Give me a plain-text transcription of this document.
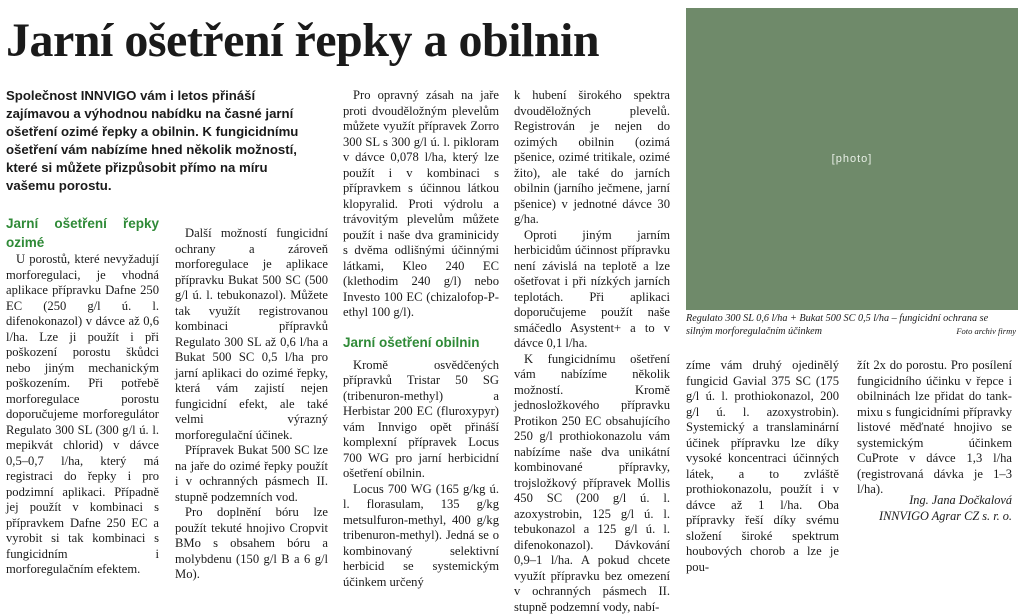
Jarní ošetření řepky a obilnin

Společnost INNVIGO vám i letos přináší zajímavou a výhodnou nabídku na časné jarní ošetření ozimé řepky a obilnin. K fungicidnímu ošetření vám nabízíme hned několik možností, které si můžete přizpůsobit přímo na míru vašemu porostu.

Jarní ošetření řepky ozimé

U porostů, které nevyžadují morforegulaci, je vhodná aplikace přípravku Dafne 250 EC (250 g/l ú. l. difenokonazol) v dávce až 0,6 l/ha. Lze ji použít i při poškození porostu škůdci nebo jiným mechanickým poškozením. Při potřebě morforegulace porostu doporučujeme morforegulátor Regulato 300 SL (300 g/l ú. l. mepikvát chlorid) v dávce 0,5–0,7 l/ha, který má registraci do řepky i pro podzimní aplikaci. Případně jej použít v kombinaci s přípravkem Dafne 250 EC a vyrobit si tak kombinaci s fungicidním i morforegulačním efektem.

Další možností fungicidní ochrany a zároveň morforegulace je aplikace přípravku Bukat 500 SC (500 g/l ú. l. tebukonazol). Můžete tak využít registrovanou kombinaci přípravků Regulato 300 SL až 0,6 l/ha a Bukat 500 SC 0,5 l/ha pro jarní aplikaci do ozimé řepky, která vám zajistí nejen fungicidní efekt, ale také velmi výrazný morforegulační účinek.

Přípravek Bukat 500 SC lze na jaře do ozimé řepky použít i v ochranných pásmech II. stupně podzemních vod.

Pro doplnění bóru lze použít tekuté hnojivo Cropvit BMo s obsahem bóru a molybdenu (150 g/l B a 6 g/l Mo).

Pro opravný zásah na jaře proti dvouděložným plevelům můžete využít přípravek Zorro 300 SL s 300 g/l ú. l. pikloram v dávce 0,078 l/ha, který lze použít i v kombinaci s přípravkem s účinnou látkou klopyralid. Proti výdrolu a trávovitým plevelům můžete použít i naše dva graminicidy s dvěma odlišnými účinnými látkami, Kleo 240 EC (klethodim 240 g/l) nebo Investo 100 EC (chizalofop-P-ethyl 100 g/l).

Jarní ošetření obilnin

Kromě osvědčených přípravků Tristar 50 SG (tribenuron-methyl) a Herbistar 200 EC (fluroxypyr) vám Innvigo opět přináší komplexní přípravek Locus 700 WG pro jarní herbicidní ošetření obilnin.

Locus 700 WG (165 g/kg ú. l. florasulam, 135 g/kg metsulfuron-methyl, 400 g/kg tribenuron-methyl). Jedná se o kombinovaný selektivní herbicid se systemickým účinkem určený

k hubení širokého spektra dvouděložných plevelů. Registrován je nejen do ozimých obilnin (ozimá pšenice, ozimé tritikale, ozimé žito), ale také do jarních obilnin (jarního ječmene, jarní pšenice) v jednotné dávce 30 g/ha.

Oproti jiným jarním herbicidům účinnost přípravku není závislá na teplotě a lze ošetřovat i při nízkých jarních teplotách. Při aplikaci doporučujeme použít naše smáčedlo Asystent+ a to v dávce 0,1 l/ha.

K fungicidnímu ošetření vám nabízíme několik možností. Kromě jednosložkového přípravku Protikon 250 EC obsahujícího 250 g/l prothiokonazolu vám nabízíme naše dva unikátní kombinované přípravky, trojsložkový přípravek Mollis 450 SC (200 g/l ú. l. azoxystrobin, 125 g/l ú. l. tebukonazol a 125 g/l ú. l. difenokonazol). Dávkování 0,9–1 l/ha. A pokud chcete využít přípravku bez omezení v ochranných pásmech II. stupně podzemní vody, nabí-

[photo]

Regulato 300 SL 0,6 l/ha + Bukat 500 SC 0,5 l/ha – fungicidní ochrana se silným morforegulačním účinkem	Foto archiv firmy

zíme vám druhý ojedinělý fungicid Gavial 375 SC (175 g/l ú. l. prothiokonazol, 200 g/l ú. l. azoxystrobin). Systemický a translaminární účinek přípravku lze díky vysoké koncentraci účinných látek, a to zvláště prothiokonazolu, použít i v dávce až 1 l/ha. Oba přípravky řeší díky svému složení široké spektrum houbových chorob a lze je pou-

žít 2x do porostu. Pro posílení fungicidního účinku v řepce i obilninách lze přidat do tank-mixu s fungicidními přípravky listové měďnaté hnojivo se systemickým účinkem CuProte v dávce 1,3 l/ha (registrovaná dávka je 1–3 l/ha).

Ing. Jana Dočkalová

INNVIGO Agrar CZ s. r. o.
